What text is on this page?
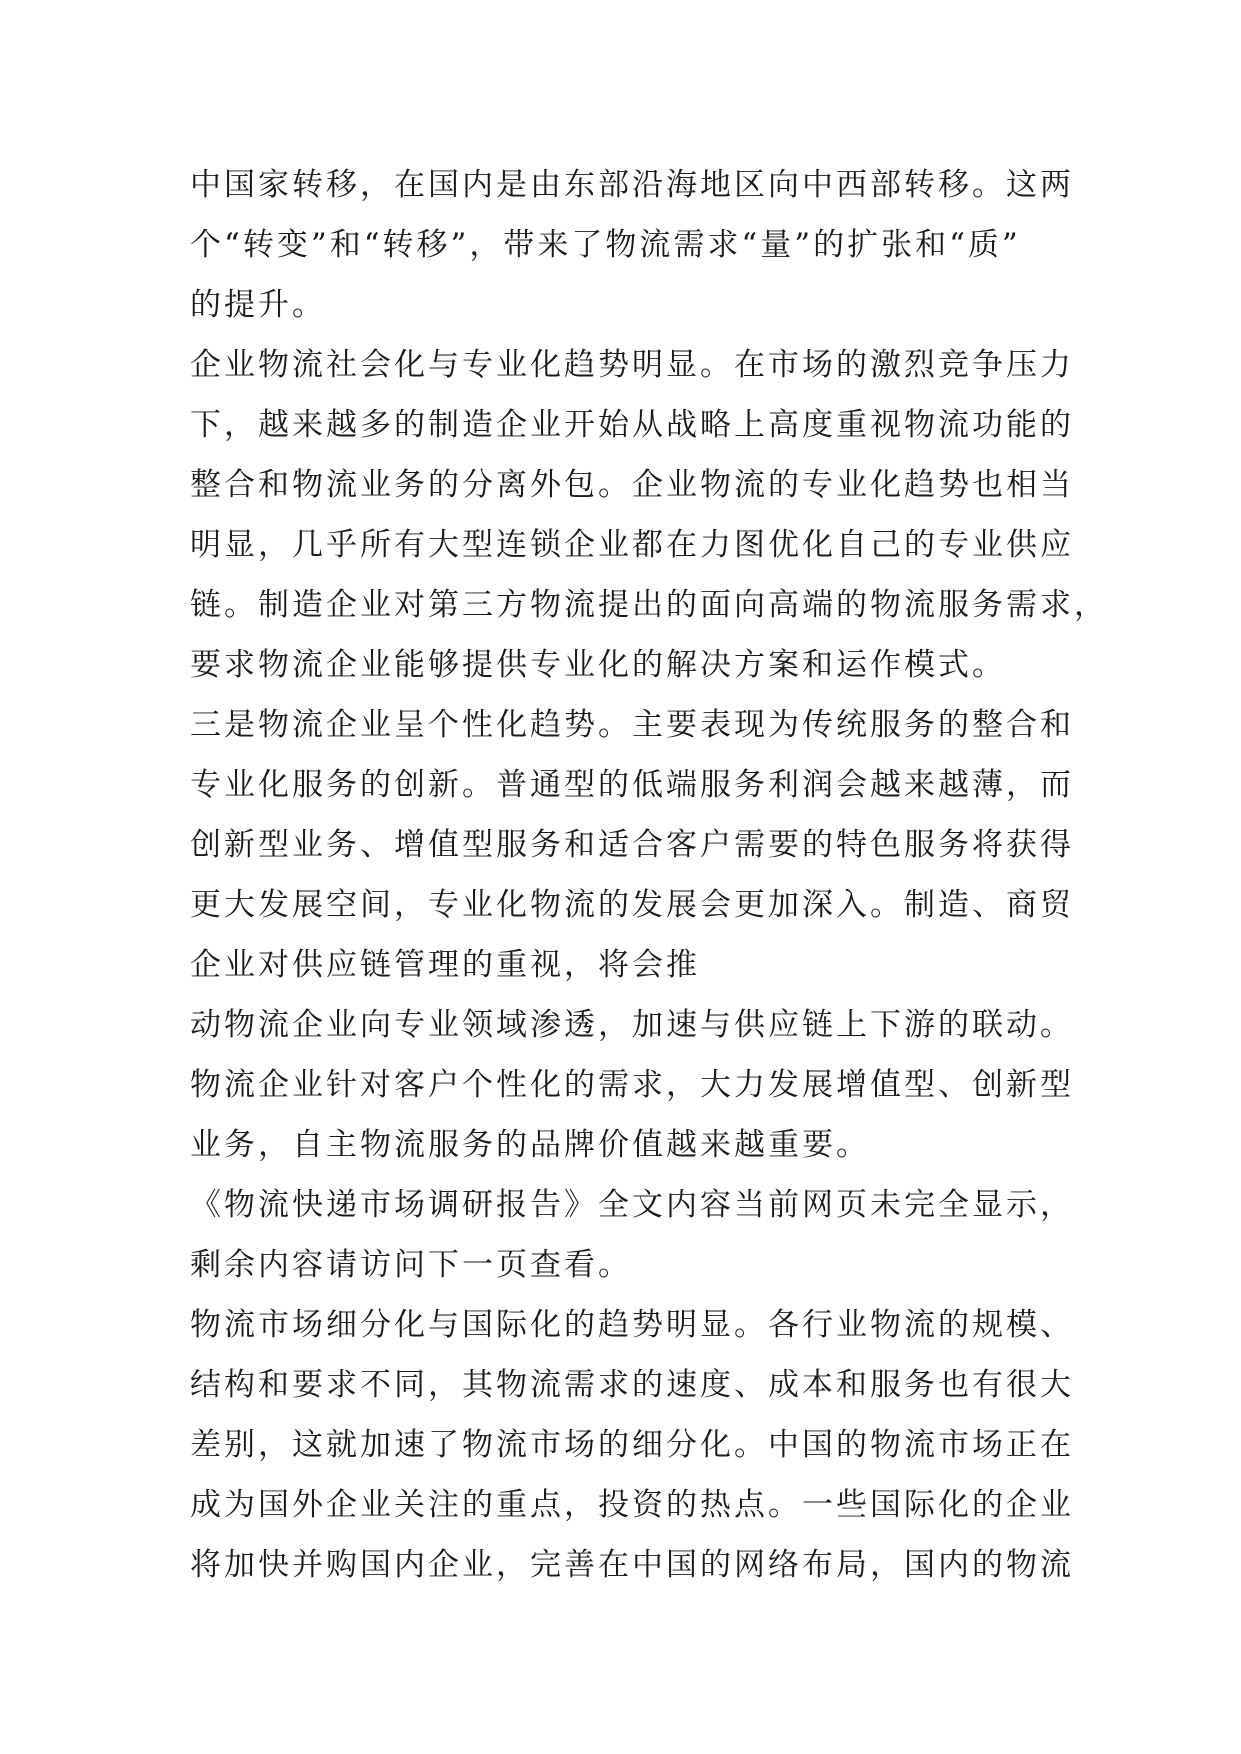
中国家转移，在国内是由东部沿海地区向中西部转移。这两
个“转变”和“转移”，带来了物流需求“量”的扩张和“质”
的提升。
企业物流社会化与专业化趋势明显。在市场的激烈竞争压力
下，越来越多的制造企业开始从战略上高度重视物流功能的
整合和物流业务的分离外包。企业物流的专业化趋势也相当
明显，几乎所有大型连锁企业都在力图优化自己的专业供应
链。制造企业对第三方物流提出的面向高端的物流服务需求，
要求物流企业能够提供专业化的解决方案和运作模式。
三是物流企业呈个性化趋势。主要表现为传统服务的整合和
专业化服务的创新。普通型的低端服务利润会越来越薄，而
创新型业务、增值型服务和适合客户需要的特色服务将获得
更大发展空间，专业化物流的发展会更加深入。制造、商贸
企业对供应链管理的重视，将会推
动物流企业向专业领域渗透，加速与供应链上下游的联动。
物流企业针对客户个性化的需求，大力发展增值型、创新型
业务，自主物流服务的品牌价值越来越重要。
《物流快递市场调研报告》全文内容当前网页未完全显示，
剩余内容请访问下一页查看。
物流市场细分化与国际化的趋势明显。各行业物流的规模、
结构和要求不同，其物流需求的速度、成本和服务也有很大
差别，这就加速了物流市场的细分化。中国的物流市场正在
成为国外企业关注的重点，投资的热点。一些国际化的企业
将加快并购国内企业，完善在中国的网络布局，国内的物流
